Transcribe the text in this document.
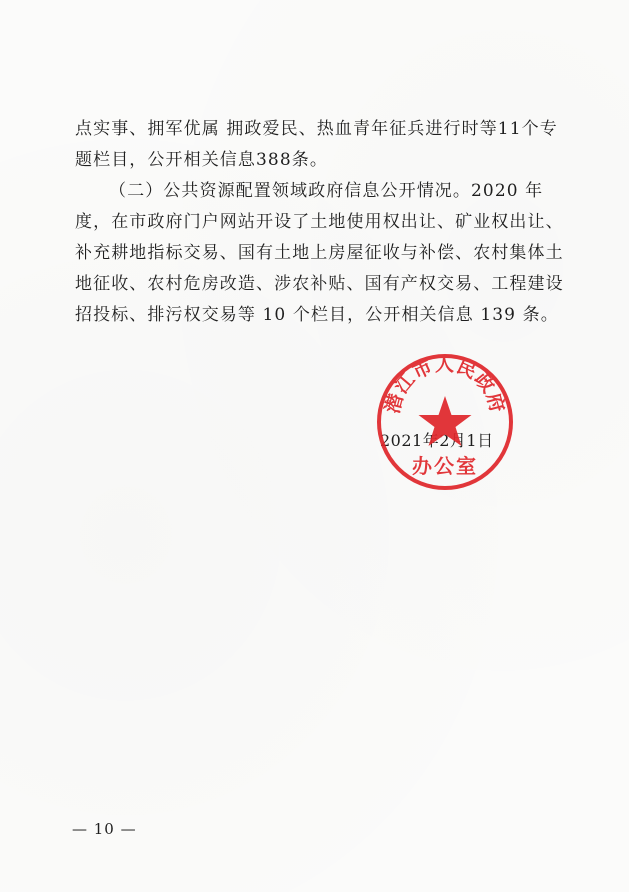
点实事、拥军优属 拥政爱民、热血青年征兵进行时等11个专题栏目，公开相关信息388条。

（二）公共资源配置领域政府信息公开情况。2020 年度，在市政府门户网站开设了土地使用权出让、矿业权出让、补充耕地指标交易、国有土地上房屋征收与补偿、农村集体土地征收、农村危房改造、涉农补贴、国有产权交易、工程建设招投标、排污权交易等 10 个栏目，公开相关信息 139 条。

2021年2月1日
潜江市人民政府
办公室
— 10 —
